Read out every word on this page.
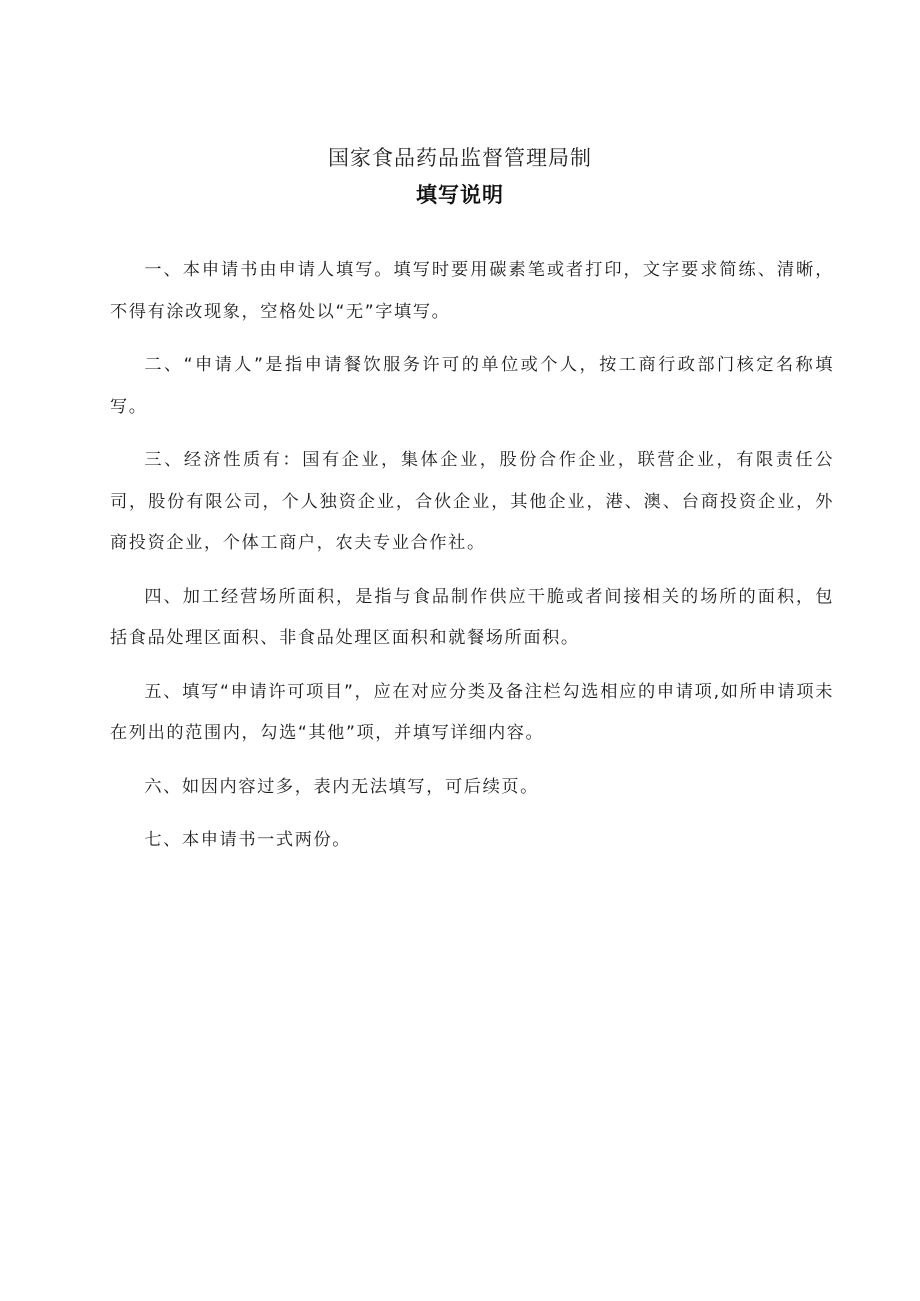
国家食品药品监督管理局制
填写说明

一、本申请书由申请人填写。填写时要用碳素笔或者打印，文字要求简练、清晰，不得有涂改现象，空格处以“无”字填写。

二、“申请人”是指申请餐饮服务许可的单位或个人，按工商行政部门核定名称填写。

三、经济性质有：国有企业，集体企业，股份合作企业，联营企业，有限责任公司，股份有限公司，个人独资企业，合伙企业，其他企业，港、澳、台商投资企业，外商投资企业，个体工商户，农夫专业合作社。

四、加工经营场所面积，是指与食品制作供应干脆或者间接相关的场所的面积，包括食品处理区面积、非食品处理区面积和就餐场所面积。

五、填写“申请许可项目”，应在对应分类及备注栏勾选相应的申请项,如所申请项未在列出的范围内，勾选“其他”项，并填写详细内容。

六、如因内容过多，表内无法填写，可后续页。

七、本申请书一式两份。
